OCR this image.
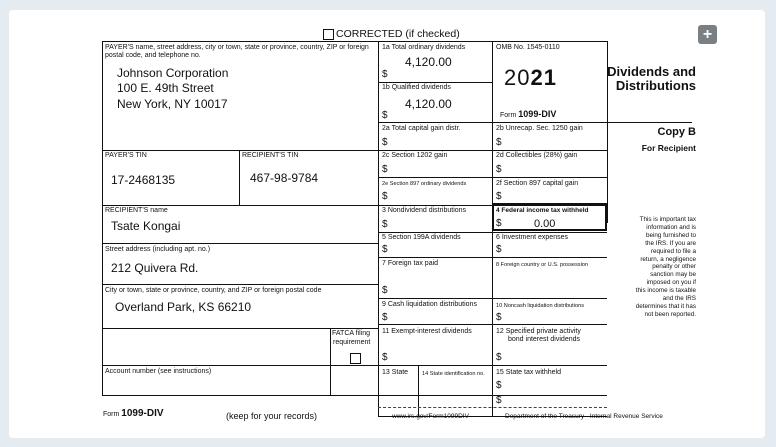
+
CORRECTED (if checked)
PAYER'S name, street address, city or town, state or province, country, ZIP or foreign postal code, and telephone no.
Johnson Corporation
100 E. 49th Street
New York, NY 10017
PAYER'S TIN
17-2468135
RECIPIENT'S TIN
467-98-9784
RECIPIENT'S name
Tsate Kongai
Street address (including apt. no.)
212 Quivera Rd.
City or town, state or province, country, and ZIP or foreign postal code
Overland Park, KS 66210
FATCA filing
requirement
Account number (see instructions)
1a Total ordinary dividends
4,120.00
$
1b Qualified dividends
4,120.00
$
2a Total capital gain distr.
$
2c Section 1202 gain
$
2e Section 897 ordinary dividends
$
3 Nondividend distributions
$
5 Section 199A dividends
$
7 Foreign tax paid
$
9 Cash liquidation distributions
$
11 Exempt-interest dividends
$
13 State 14 State identification no.
OMB No. 1545-0110
2021
Form 1099-DIV
2b Unrecap. Sec. 1250 gain
$
2d Collectibles (28%) gain
$
2f Section 897 capital gain
$
4 Federal income tax withheld
$	0.00
6 Investment expenses
$
8 Foreign country or U.S. possession
10 Noncash liquidation distributions
$
12 Specified private activity
bond interest dividends
$
15 State tax withheld
$
$
Dividends and
Distributions
Copy B
For Recipient
This is important tax
information and is
being furnished to
the IRS. If you are
required to file a
return, a negligence
penalty or other
sanction may be
imposed on you if
this income is taxable
and the IRS
determines that it has
not been reported.
Form 1099-DIV	(keep for your records)	www.irs.gov/Form1099DIV	Department of the Treasury - Internal Revenue Service
